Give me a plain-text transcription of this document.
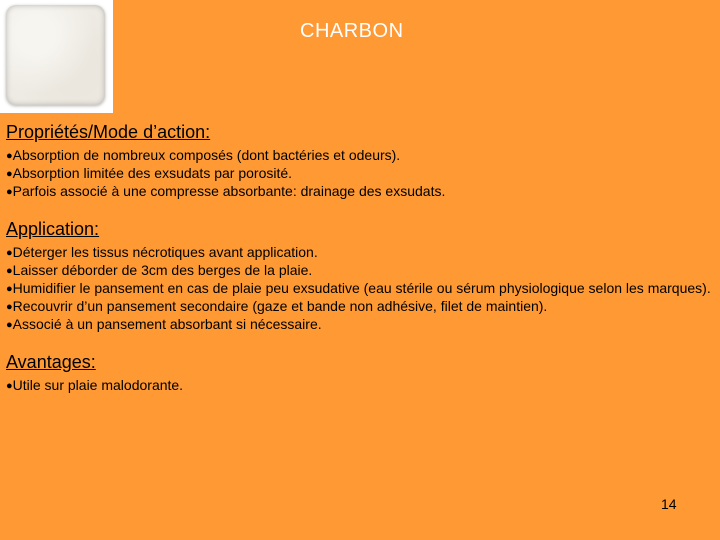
CHARBON
Propriétés/Mode d’action:
●Absorption de nombreux composés (dont bactéries et odeurs).
●Absorption limitée des exsudats par porosité.
●Parfois associé à une compresse absorbante: drainage des exsudats.
Application:
●Déterger les tissus nécrotiques avant application.
●Laisser déborder de 3cm des berges de la plaie.
●Humidifier le pansement en cas de plaie peu exsudative (eau stérile ou sérum physiologique selon les marques).
●Recouvrir d’un pansement secondaire (gaze et bande non adhésive, filet de maintien).
●Associé à un pansement absorbant si nécessaire.
Avantages:
●Utile sur plaie malodorante.
14
